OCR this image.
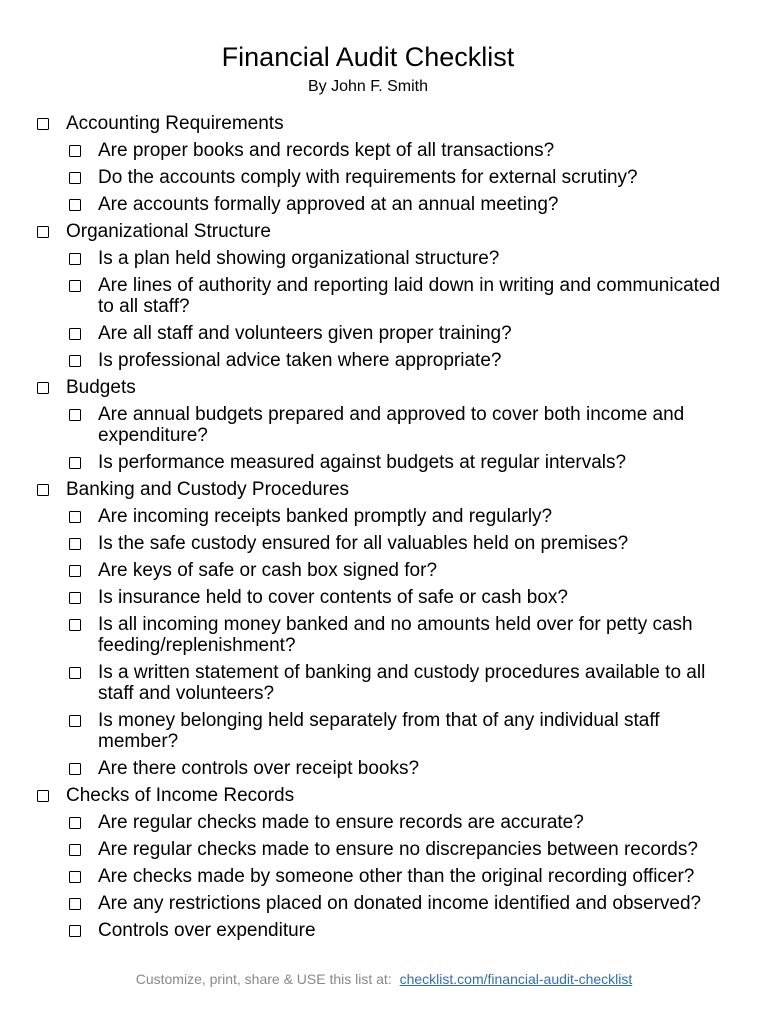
Financial Audit Checklist
By John F. Smith
Accounting Requirements
Are proper books and records kept of all transactions?
Do the accounts comply with requirements for external scrutiny?
Are accounts formally approved at an annual meeting?
Organizational Structure
Is a plan held showing organizational structure?
Are lines of authority and reporting laid down in writing and communicated to all staff?
Are all staff and volunteers given proper training?
Is professional advice taken where appropriate?
Budgets
Are annual budgets prepared and approved to cover both income and expenditure?
Is performance measured against budgets at regular intervals?
Banking and Custody Procedures
Are incoming receipts banked promptly and regularly?
Is the safe custody ensured for all valuables held on premises?
Are keys of safe or cash box signed for?
Is insurance held to cover contents of safe or cash box?
Is all incoming money banked and no amounts held over for petty cash feeding/replenishment?
Is a written statement of banking and custody procedures available to all staff and volunteers?
Is money belonging held separately from that of any individual staff member?
Are there controls over receipt books?
Checks of Income Records
Are regular checks made to ensure records are accurate?
Are regular checks made to ensure no discrepancies between records?
Are checks made by someone other than the original recording officer?
Are any restrictions placed on donated income identified and observed?
Controls over expenditure
Customize, print, share & USE this list at: checklist.com/financial-audit-checklist
